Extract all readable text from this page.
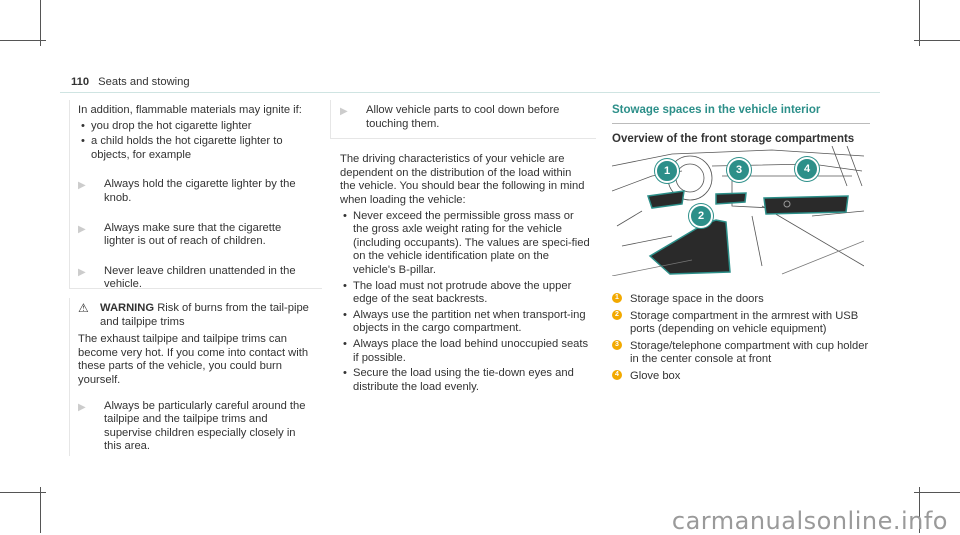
110 Seats and stowing
In addition, flammable materials may ignite if:
• you drop the hot cigarette lighter
• a child holds the hot cigarette lighter to objects, for example
▶	Always hold the cigarette lighter by the knob.
▶	Always make sure that the cigarette lighter is out of reach of children.
▶	Never leave children unattended in the vehicle.
⚠	WARNING Risk of burns from the tail-pipe and tailpipe trims
The exhaust tailpipe and tailpipe trims can become very hot. If you come into contact with these parts of the vehicle, you could burn yourself.
▶	Always be particularly careful around the tailpipe and the tailpipe trims and supervise children especially closely in this area.
▶	Allow vehicle parts to cool down before touching them.
The driving characteristics of your vehicle are dependent on the distribution of the load within the vehicle. You should bear the following in mind when loading the vehicle:
• Never exceed the permissible gross mass or the gross axle weight rating for the vehicle (including occupants). The values are speci-fied on the vehicle identification plate on the vehicle's B-pillar.
• The load must not protrude above the upper edge of the seat backrests.
• Always use the partition net when transport-ing objects in the cargo compartment.
• Always place the load behind unoccupied seats if possible.
• Secure the load using the tie-down eyes and distribute the load evenly.
Stowage spaces in the vehicle interior
Overview of the front storage compartments
1
2
3	4
1 Storage space in the doors
2 Storage compartment in the armrest with USB ports (depending on vehicle equipment)
3 Storage/telephone compartment with cup holder in the center console at front
4 Glove box
carmanualsonline.info
